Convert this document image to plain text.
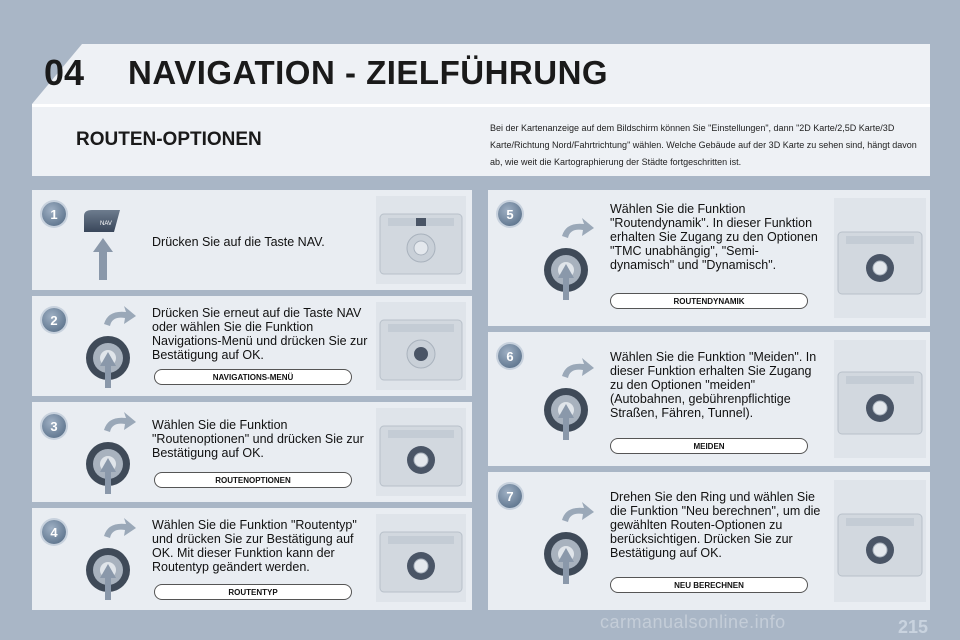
04 NAVIGATION - ZIELFÜHRUNG
ROUTEN-OPTIONEN
Bei der Kartenanzeige auf dem Bildschirm können Sie "Einstellungen", dann "2D Karte/2,5D Karte/3D Karte/Richtung Nord/Fahrtrichtung" wählen. Welche Gebäude auf der 3D Karte zu sehen sind, hängt davon ab, wie weit die Kartographierung der Städte fortgeschritten ist.
1
NAV
Drücken Sie auf die Taste NAV.
2	Drücken Sie erneut auf die Taste NAV oder wählen Sie die Funktion Navigations-Menü und drücken Sie zur Bestätigung auf OK.
NAVIGATIONS-MENÜ
3	Wählen Sie die Funktion "Routenoptionen" und drücken Sie zur Bestätigung auf OK.
ROUTENOPTIONEN
4	Wählen Sie die Funktion "Routentyp" und drücken Sie zur Bestätigung auf OK. Mit dieser Funktion kann der Routentyp geändert werden.
ROUTENTYP
5	Wählen Sie die Funktion "Routendynamik". In dieser Funktion erhalten Sie Zugang zu den Optionen "TMC unabhängig", "Semi-dynamisch" und "Dynamisch".
ROUTENDYNAMIK
6	Wählen Sie die Funktion "Meiden". In dieser Funktion erhalten Sie Zugang zu den Optionen "meiden" (Autobahnen, gebührenpflichtige Straßen, Fähren, Tunnel).
MEIDEN
7	Drehen Sie den Ring und wählen Sie die Funktion "Neu berechnen", um die gewählten Routen-Optionen zu berücksichtigen. Drücken Sie zur Bestätigung auf OK.
NEU BERECHNEN
carmanualsonline.info	215
